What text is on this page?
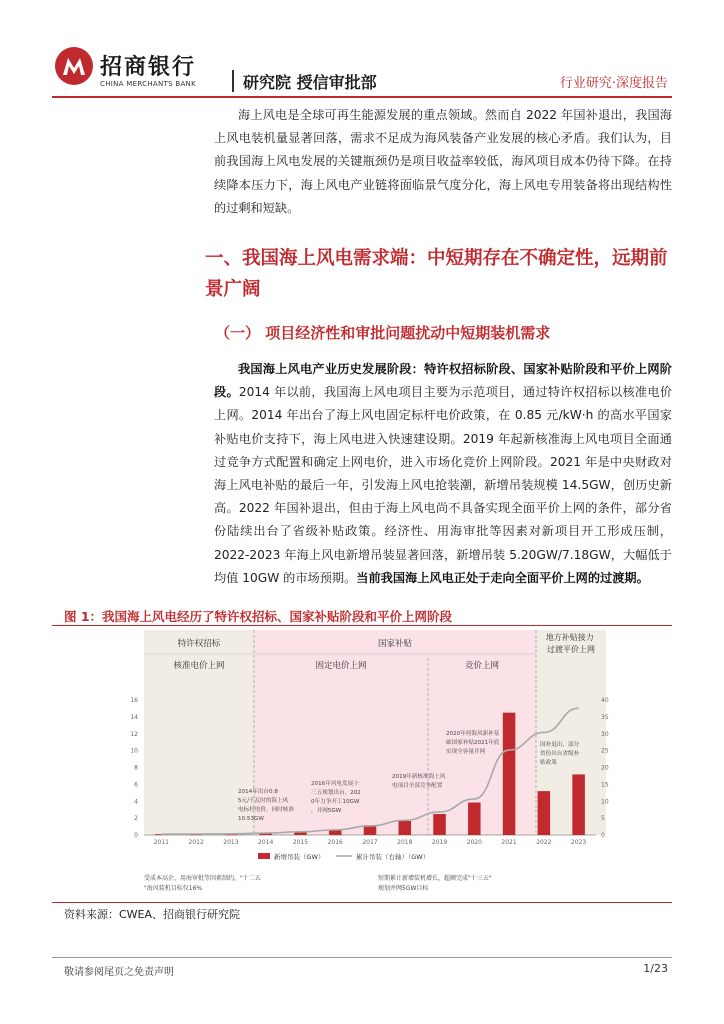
招商银行
CHINA MERCHANTS BANK	研究院 授信审批部	行业研究·深度报告
海上风电是全球可再生能源发展的重点领域。然而自 2022 年国补退出，我国海上风电装机量显著回落，需求不足成为海风装备产业发展的核心矛盾。我们认为，目前我国海上风电发展的关键瓶颈仍是项目收益率较低，海风项目成本仍待下降。在持续降本压力下，海上风电产业链将面临景气度分化，海上风电专用装备将出现结构性的过剩和短缺。
一、我国海上风电需求端：中短期存在不确定性，远期前景广阔
（一） 项目经济性和审批问题扰动中短期装机需求
我国海上风电产业历史发展阶段：特许权招标阶段、国家补贴阶段和平价上网阶段。2014 年以前，我国海上风电项目主要为示范项目，通过特许权招标以核准电价上网。2014 年出台了海上风电固定标杆电价政策，在 0.85 元/kW·h 的高水平国家补贴电价支持下，海上风电进入快速建设期。2019 年起新核准海上风电项目全面通过竞争方式配置和确定上网电价，进入市场化竞价上网阶段。2021 年是中央财政对海上风电补贴的最后一年，引发海上风电抢装潮，新增吊装规模 14.5GW，创历史新高。2022 年国补退出，但由于海上风电尚不具备实现全面平价上网的条件，部分省份陆续出台了省级补贴政策。经济性、用海审批等因素对新项目开工形成压制，2022-2023 年海上风电新增吊装显著回落，新增吊装 5.20GW/7.18GW，大幅低于均值 10GW 的市场预期。当前我国海上风电正处于走向全面平价上网的过渡期。
图 1：我国海上风电经历了特许权招标、国家补贴阶段和平价上网阶段
特许权招标
核准电价上网
国家补贴
固定电价上网	竞价上网
地方补贴接力 过渡平价上网
0
2
4
6
8
10
12
14
16
0
5
10
15
20
25
30
35
40
2011	2012	2013	2014	2015	2016	2017	2018	2019	2020	2021	2022	2023
2014年出台0.8 5元/千瓦时的海上风电标杆电价，同时核准 10.53GW
2016年风电发展十三五规划出台，202 0年力争开工10GW ，并网5GW
2019年新核准海上风电项目全部竞争配置
2020年何海风新补基础国家补贴2021年底实现全容量并网
国补退出，部分省份出台省级补贴政策
新增吊装（GW）	累计吊装（右轴）（GW）
受成本高企、用海审批等因素制约，"十二五"海风装机目标仅16%
短期累计新增装机增长，超额完成"十三五"规划并网5GW目标
资料来源：CWEA、招商银行研究院
敬请参阅尾页之免责声明	1/23
